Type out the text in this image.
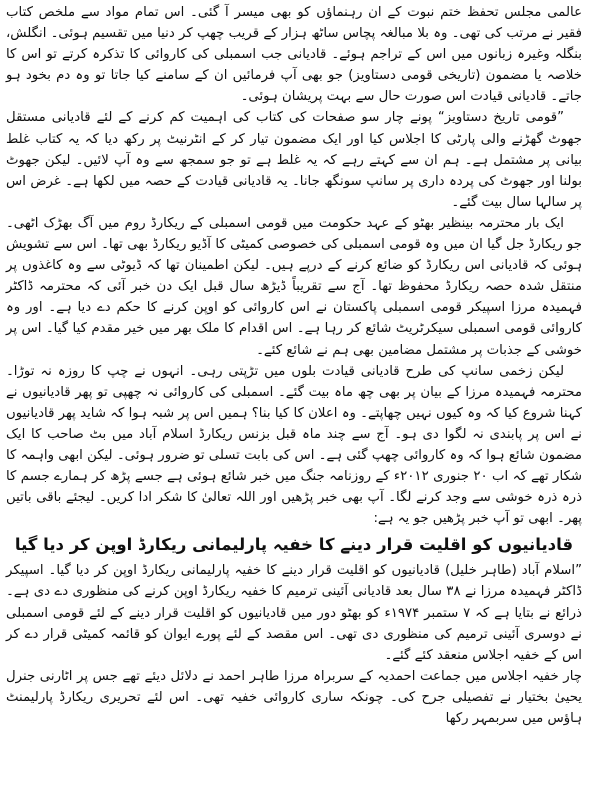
عالمی مجلس تحفظ ختم نبوت کے ان رہنماؤں کو بھی میسر آ گئی۔ اس تمام مواد سے ملخص کتاب فقیر نے مرتب کی تھی۔ وہ بلا مبالغہ پچاس ساٹھ ہزار کے قریب چھپ کر دنیا میں تقسیم ہوئی۔ انگلش، بنگلہ وغیرہ زبانوں میں اس کے تراجم ہوئے۔ قادیانی جب اسمبلی کی کاروائی کا تذکرہ کرتے تو اس کا خلاصہ یا مضمون (تاریخی قومی دستاویز) جو بھی آپ فرمائیں ان کے سامنے کیا جاتا تو وہ دم بخود ہو جاتے۔ قادیانی قیادت اس صورت حال سے بہت پریشان ہوئی۔

”قومی تاریخ دستاویز“ پونے چار سو صفحات کی کتاب کی اہمیت کم کرنے کے لئے قادیانی مستقل جھوٹ گھڑنے والی پارٹی کا اجلاس کیا اور ایک مضمون تیار کر کے انٹرنیٹ پر رکھ دیا کہ یہ کتاب غلط بیانی پر مشتمل ہے۔ ہم ان سے کہتے رہے کہ یہ غلط ہے تو جو سمجھ سے وہ آپ لائیں۔ لیکن جھوٹ بولنا اور جھوٹ کی پردہ داری پر سانپ سونگھ جانا۔ یہ قادیانی قیادت کے حصہ میں لکھا ہے۔ غرض اس پر سالہا سال بیت گئے۔

ایک بار محترمہ بینظیر بھٹو کے عہد حکومت میں قومی اسمبلی کے ریکارڈ روم میں آگ بھڑک اٹھی۔ جو ریکارڈ جل گیا ان میں وہ قومی اسمبلی کی خصوصی کمیٹی کا آڈیو ریکارڈ بھی تھا۔ اس سے تشویش ہوئی کہ قادیانی اس ریکارڈ کو ضائع کرنے کے درپے ہیں۔ لیکن اطمینان تھا کہ ڈیوٹی سے وہ کاغذوں پر منتقل شدہ حصہ ریکارڈ محفوظ تھا۔ آج سے تقریباً ڈیڑھ سال قبل ایک دن خبر آئی کہ محترمہ ڈاکٹر فہمیدہ مرزا اسپیکر قومی اسمبلی پاکستان نے اس کاروائی کو اوپن کرنے کا حکم دے دیا ہے۔ اور وہ کاروائی قومی اسمبلی سیکرٹریٹ شائع کر رہا ہے۔ اس اقدام کا ملک بھر میں خیر مقدم کیا گیا۔ اس پر خوشی کے جذبات پر مشتمل مضامین بھی ہم نے شائع کئے۔

لیکن زخمی سانپ کی طرح قادیانی قیادت بلوں میں تڑپتی رہی۔ انہوں نے چپ کا روزہ نہ توڑا۔ محترمہ فہمیدہ مرزا کے بیان پر بھی چھ ماہ بیت گئے۔ اسمبلی کی کاروائی نہ چھپی تو پھر قادیانیوں نے کہنا شروع کیا کہ وہ کیوں نہیں چھاپتے۔ وہ اعلان کا کیا بنا؟ ہمیں اس پر شبہ ہوا کہ شاید پھر قادیانیوں نے اس پر پابندی نہ لگوا دی ہو۔ آج سے چند ماہ قبل بزنس ریکارڈ اسلام آباد میں بٹ صاحب کا ایک مضمون شائع ہوا کہ وہ کاروائی چھپ گئی ہے۔ اس کی بابت تسلی تو ضرور ہوئی۔ لیکن ابھی واہمہ کا شکار تھے کہ اب ۲۰ جنوری ۲۰۱۲ء کے روزنامہ جنگ میں خبر شائع ہوئی ہے جسے پڑھ کر ہمارے جسم کا ذرہ ذرہ خوشی سے وجد کرنے لگا۔ آپ بھی خبر پڑھیں اور اللہ تعالیٰ کا شکر ادا کریں۔ لیجئے باقی باتیں پھر۔ ابھی تو آپ خبر پڑھیں جو یہ ہے:

قادیانیوں کو اقلیت قرار دینے کا خفیہ پارلیمانی ریکارڈ اوپن کر دیا گیا

”اسلام آباد (طاہر خلیل) قادیانیوں کو اقلیت قرار دینے کا خفیہ پارلیمانی ریکارڈ اوپن کر دیا گیا۔ اسپیکر ڈاکٹر فہمیدہ مرزا نے ۳۸ سال بعد قادیانی آئینی ترمیم کا خفیہ ریکارڈ اوپن کرنے کی منظوری دے دی ہے۔ ذرائع نے بتایا ہے کہ ۷ ستمبر ۱۹۷۴ء کو بھٹو دور میں قادیانیوں کو اقلیت قرار دینے کے لئے قومی اسمبلی نے دوسری آئینی ترمیم کی منظوری دی تھی۔ اس مقصد کے لئے پورے ایوان کو قائمہ کمیٹی قرار دے کر اس کے خفیہ اجلاس منعقد کئے گئے۔

چار خفیہ اجلاس میں جماعت احمدیہ کے سربراہ مرزا طاہر احمد نے دلائل دیئے تھے جس پر اٹارنی جنرل یحییٰ بختیار نے تفصیلی جرح کی۔ چونکہ ساری کاروائی خفیہ تھی۔ اس لئے تحریری ریکارڈ پارلیمنٹ ہاؤس میں سربمہر رکھا
